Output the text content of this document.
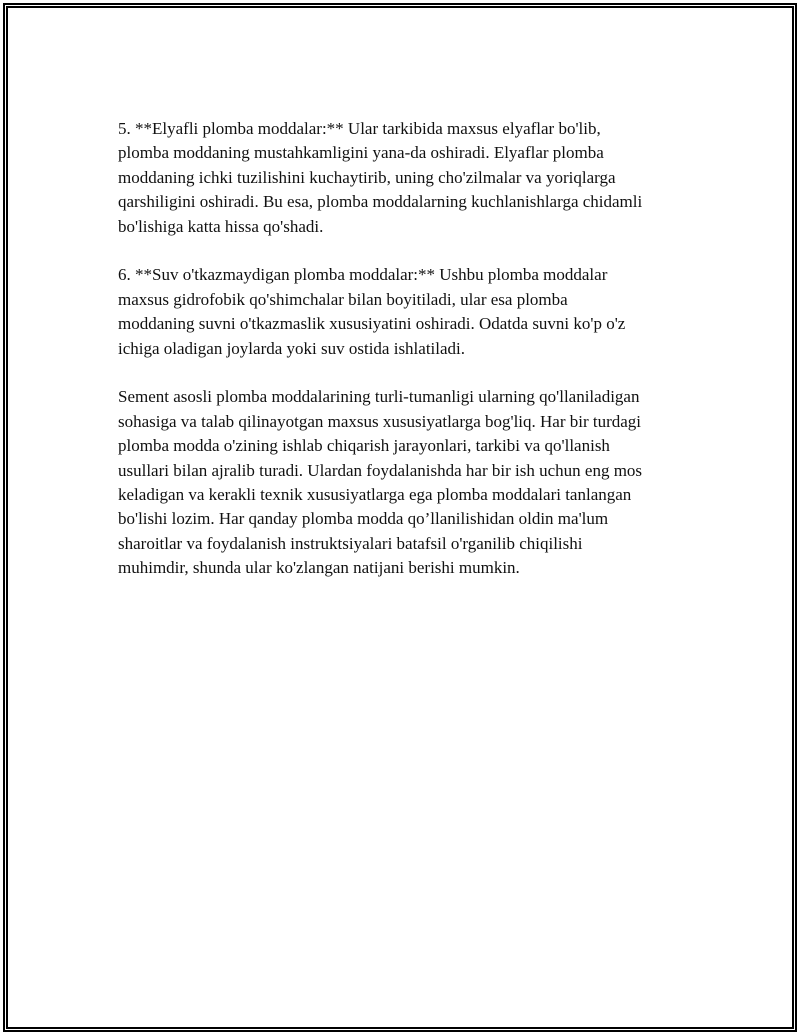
5. **Elyafli plomba moddalar:** Ular tarkibida maxsus elyaflar bo'lib,
plomba moddaning mustahkamligini yana-da oshiradi. Elyaflar plomba
moddaning ichki tuzilishini kuchaytirib, uning cho'zilmalar va yoriqlarga
qarshiligini oshiradi. Bu esa, plomba moddalarning kuchlanishlarga chidamli
bo'lishiga katta hissa qo'shadi.

6. **Suv o'tkazmaydigan plomba moddalar:** Ushbu plomba moddalar
maxsus gidrofobik qo'shimchalar bilan boyitiladi, ular esa plomba
moddaning suvni o'tkazmaslik xususiyatini oshiradi. Odatda suvni ko'p o'z
ichiga oladigan joylarda yoki suv ostida ishlatiladi.

Sement asosli plomba moddalarining turli-tumanligi ularning qo'llaniladigan
sohasiga va talab qilinayotgan maxsus xususiyatlarga bog'liq. Har bir turdagi
plomba modda o'zining ishlab chiqarish jarayonlari, tarkibi va qo'llanish
usullari bilan ajralib turadi. Ulardan foydalanishda har bir ish uchun eng mos
keladigan va kerakli texnik xususiyatlarga ega plomba moddalari tanlangan
bo'lishi lozim. Har qanday plomba modda qo’llanilishidan oldin ma'lum
sharoitlar va foydalanish instruktsiyalari batafsil o'rganilib chiqilishi
muhimdir, shunda ular ko'zlangan natijani berishi mumkin.
